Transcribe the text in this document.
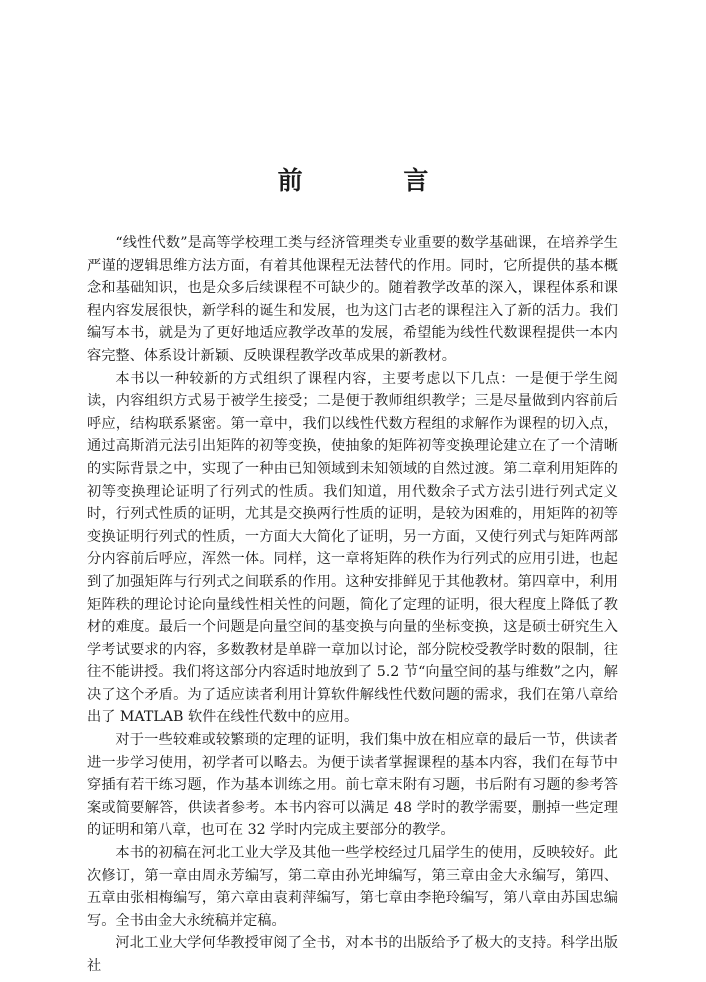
前 言

“线性代数”是高等学校理工类与经济管理类专业重要的数学基础课，在培养学生严谨的逻辑思维方法方面，有着其他课程无法替代的作用。同时，它所提供的基本概念和基础知识，也是众多后续课程不可缺少的。随着教学改革的深入，课程体系和课程内容发展很快，新学科的诞生和发展，也为这门古老的课程注入了新的活力。我们编写本书，就是为了更好地适应教学改革的发展，希望能为线性代数课程提供一本内容完整、体系设计新颖、反映课程教学改革成果的新教材。

本书以一种较新的方式组织了课程内容，主要考虑以下几点：一是便于学生阅读，内容组织方式易于被学生接受；二是便于教师组织教学；三是尽量做到内容前后呼应，结构联系紧密。第一章中，我们以线性代数方程组的求解作为课程的切入点，通过高斯消元法引出矩阵的初等变换，使抽象的矩阵初等变换理论建立在了一个清晰的实际背景之中，实现了一种由已知领域到未知领域的自然过渡。第二章利用矩阵的初等变换理论证明了行列式的性质。我们知道，用代数余子式方法引进行列式定义时，行列式性质的证明，尤其是交换两行性质的证明，是较为困难的，用矩阵的初等变换证明行列式的性质，一方面大大简化了证明，另一方面，又使行列式与矩阵两部分内容前后呼应，浑然一体。同样，这一章将矩阵的秩作为行列式的应用引进，也起到了加强矩阵与行列式之间联系的作用。这种安排鲜见于其他教材。第四章中，利用矩阵秩的理论讨论向量线性相关性的问题，简化了定理的证明，很大程度上降低了教材的难度。最后一个问题是向量空间的基变换与向量的坐标变换，这是硕士研究生入学考试要求的内容，多数教材是单辟一章加以讨论，部分院校受教学时数的限制，往往不能讲授。我们将这部分内容适时地放到了 5.2 节“向量空间的基与维数”之内，解决了这个矛盾。为了适应读者利用计算软件解线性代数问题的需求，我们在第八章给出了 MATLAB 软件在线性代数中的应用。

对于一些较难或较繁琐的定理的证明，我们集中放在相应章的最后一节，供读者进一步学习使用，初学者可以略去。为便于读者掌握课程的基本内容，我们在每节中穿插有若干练习题，作为基本训练之用。前七章末附有习题，书后附有习题的参考答案或简要解答，供读者参考。本书内容可以满足 48 学时的教学需要，删掉一些定理的证明和第八章，也可在 32 学时内完成主要部分的教学。

本书的初稿在河北工业大学及其他一些学校经过几届学生的使用，反映较好。此次修订，第一章由周永芳编写，第二章由孙光坤编写，第三章由金大永编写，第四、五章由张相梅编写，第六章由袁莉萍编写，第七章由李艳玲编写，第八章由苏国忠编写。全书由金大永统稿并定稿。

河北工业大学何华教授审阅了全书，对本书的出版给予了极大的支持。科学出版社
